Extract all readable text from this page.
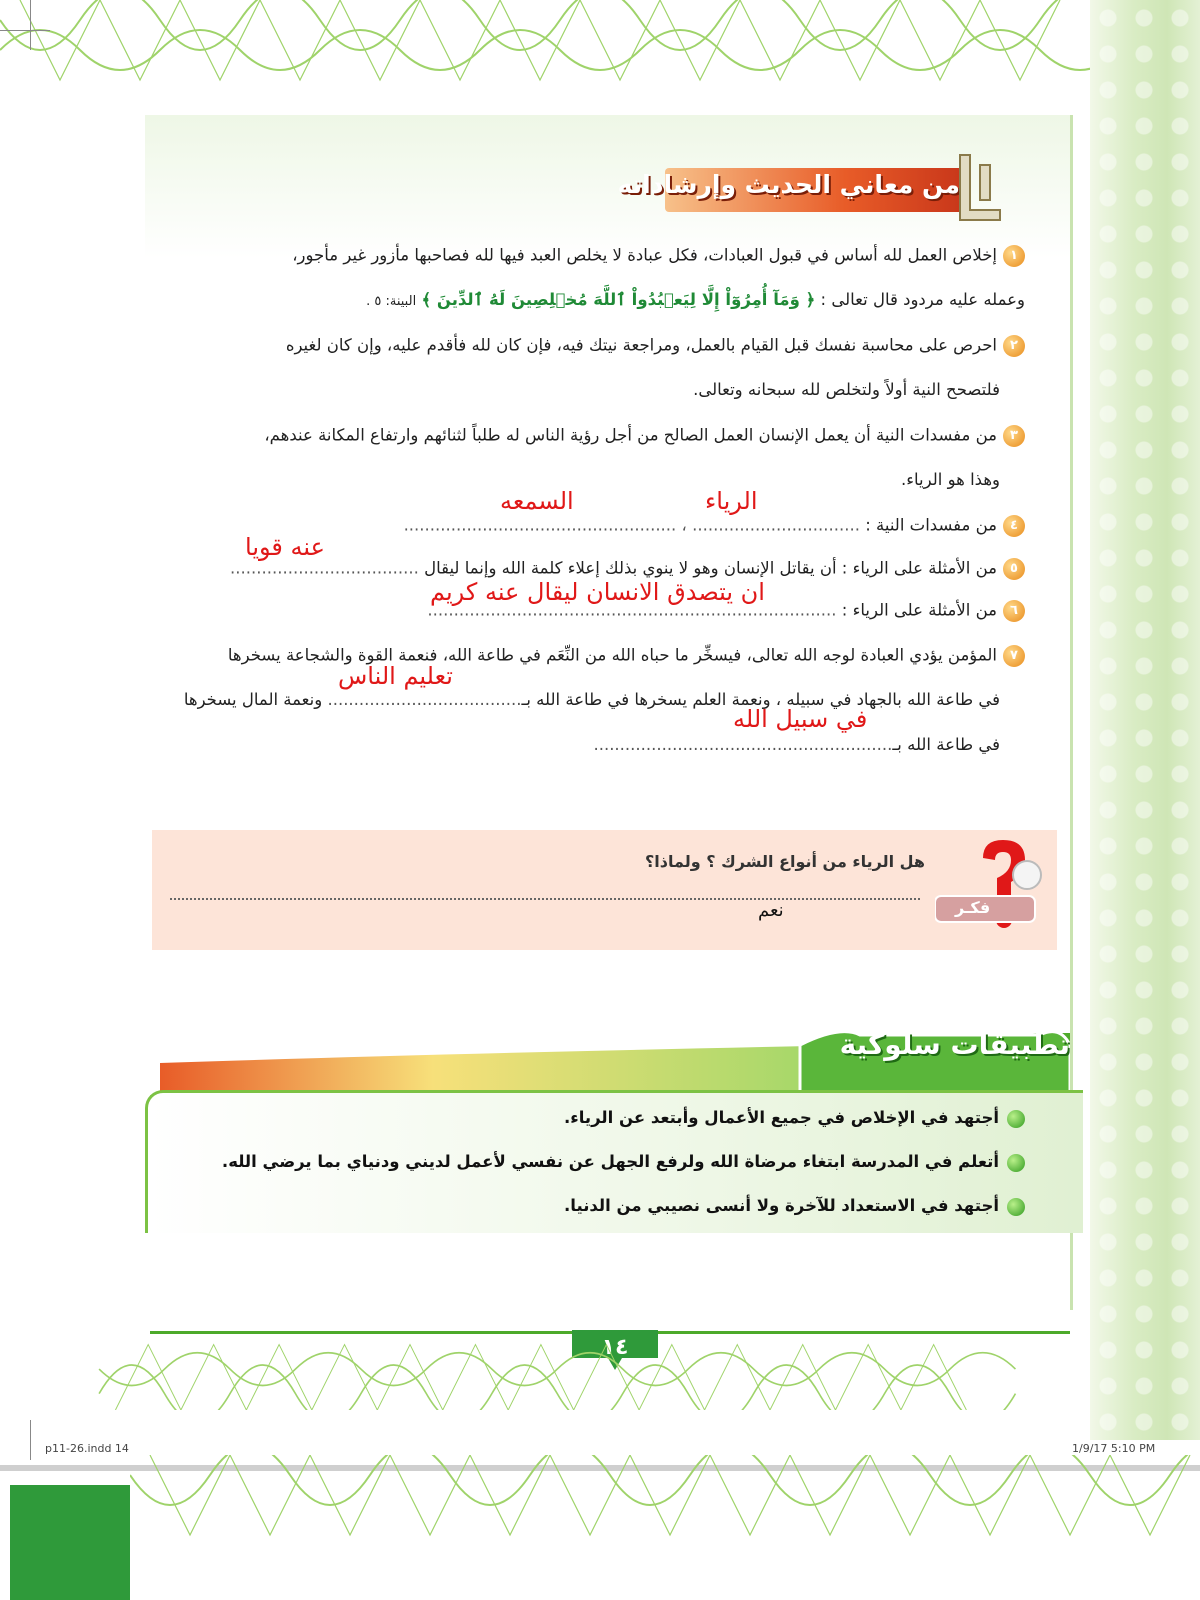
من معاني الحديث وإرشاداته
١إخلاص العمل لله أساس في قبول العبادات، فكل عبادة لا يخلص العبد فيها لله فصاحبها مأزور غير مأجور،
وعمله عليه مردود قال تعالى : ﴿ وَمَآ أُمِرُوٓاْ إِلَّا لِيَعۡبُدُواْ ٱللَّهَ مُخۡلِصِينَ لَهُ ٱلدِّينَ ﴾ البينة: ٥ .
٢احرص على محاسبة نفسك قبل القيام بالعمل، ومراجعة نيتك فيه، فإن كان لله فأقدم عليه، وإن كان لغيره
فلتصحح النية أولاً ولتخلص لله سبحانه وتعالى.
٣من مفسدات النية أن يعمل الإنسان العمل الصالح من أجل رؤية الناس له طلباً لثنائهم وارتفاع المكانة عندهم،
وهذا هو الرياء.
٤من مفسدات النية : ................................ ، ....................................................
الرياء
السمعه
٥من الأمثلة على الرياء : أن يقاتل الإنسان وهو لا ينوي بذلك إعلاء كلمة الله وإنما ليقال ....................................
عنه قويا
٦من الأمثلة على الرياء : ..............................................................................
ان يتصدق الانسان ليقال عنه كريم
٧المؤمن يؤدي العبادة لوجه الله تعالى، فيسخِّر ما حباه الله من النِّعَم في طاعة الله، فنعمة القوة والشجاعة يسخرها
في طاعة الله بالجهاد في سبيله ، ونعمة العلم يسخرها في طاعة الله بـ..................................... ونعمة المال يسخرها
في طاعة الله بـ.........................................................
تعليم الناس
في سبيل الله
هل الرياء من أنواع الشرك ؟ ولماذا؟
نعم	فكـر
تطبيقات سلوكية
أجتهد في الإخلاص في جميع الأعمال وأبتعد عن الرياء.
أتعلم في المدرسة ابتغاء مرضاة الله ولرفع الجهل عن نفسي لأعمل لديني ودنياي بما يرضي الله.
أجتهد في الاستعداد للآخرة ولا أنسى نصيبي من الدنيا.
١٤
p11-26.indd 14	1/9/17 5:10 PM
